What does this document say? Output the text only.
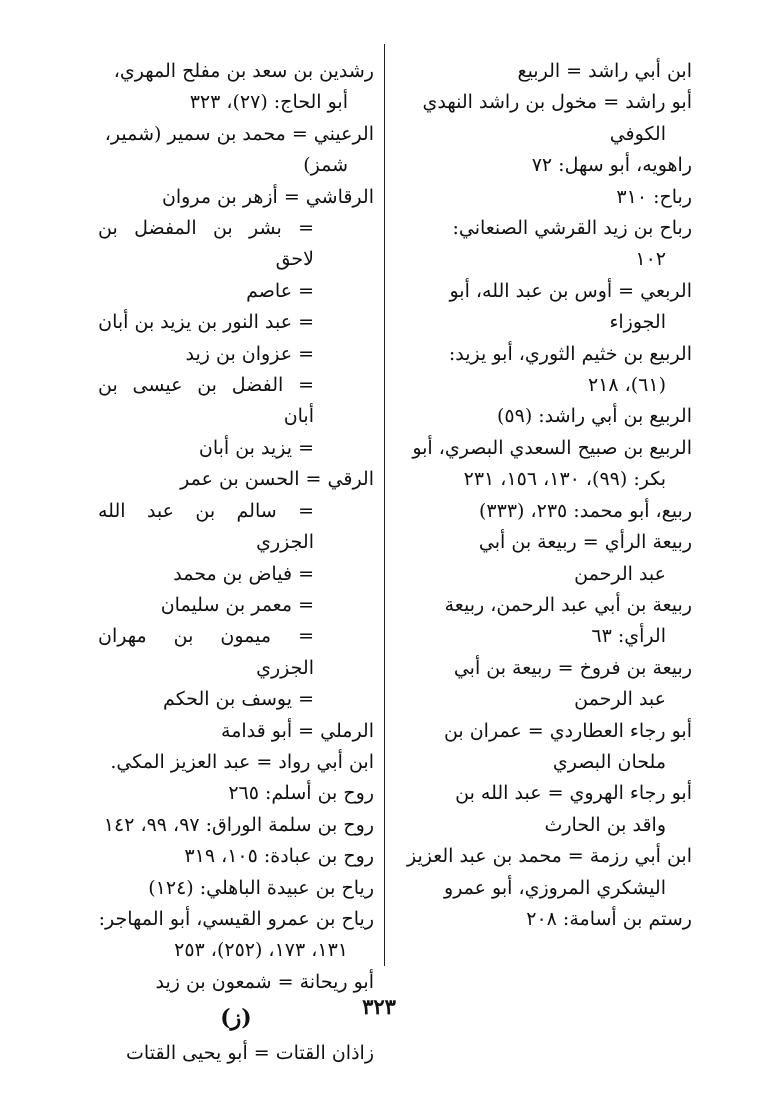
ابن أبي راشد = الربيع

أبو راشد = مخول بن راشد النهدي
الكوفي

راهويه، أبو سهل: ٧٢

رباح: ٣١٠

رباح بن زيد القرشي الصنعاني:
١٠٢

الربعي = أوس بن عبد الله، أبو
الجوزاء

الربيع بن خثيم الثوري، أبو يزيد:
(٦١)، ٢١٨

الربيع بن أبي راشد: (٥٩)

الربيع بن صبيح السعدي البصري، أبو
بكر: (٩٩)، ١٣٠، ١٥٦، ٢٣١

ربيع، أبو محمد: ٢٣٥، (٣٣٣)

ربيعة الرأي = ربيعة بن أبي
عبد الرحمن

ربيعة بن أبي عبد الرحمن، ربيعة
الرأي: ٦٣

ربيعة بن فروخ = ربيعة بن أبي
عبد الرحمن

أبو رجاء العطاردي = عمران بن
ملحان البصري

أبو رجاء الهروي = عبد الله بن
واقد بن الحارث

ابن أبي رزمة = محمد بن عبد العزيز
اليشكري المروزي، أبو عمرو

رستم بن أسامة: ٢٠٨

رشدين بن سعد بن مفلح المهري،
أبو الحاج: (٢٧)، ٣٢٣

الرعيني = محمد بن سمير (شمير،
شمز)

الرقاشي = أزهر بن مروان

= بشر بن المفضل بن لاحق

= عاصم

= عبد النور بن يزيد بن أبان

= عزوان بن زيد

= الفضل بن عيسى بن أبان

= يزيد بن أبان

الرقي = الحسن بن عمر

= سالم بن عبد الله الجزري

= فياض بن محمد

= معمر بن سليمان

= ميمون بن مهران الجزري

= يوسف بن الحكم

الرملي = أبو قدامة

ابن أبي رواد = عبد العزيز المكي.

روح بن أسلم: ٢٦٥

روح بن سلمة الوراق: ٩٧، ٩٩، ١٤٢

روح بن عبادة: ١٠٥، ٣١٩

رياح بن عبيدة الباهلي: (١٢٤)

رياح بن عمرو القيسي، أبو المهاجر:
١٣١، ١٧٣، (٢٥٢)، ٢٥٣

أبو ريحانة = شمعون بن زيد

(ز)

زاذان القتات = أبو يحيى القتات

٣٢٣
